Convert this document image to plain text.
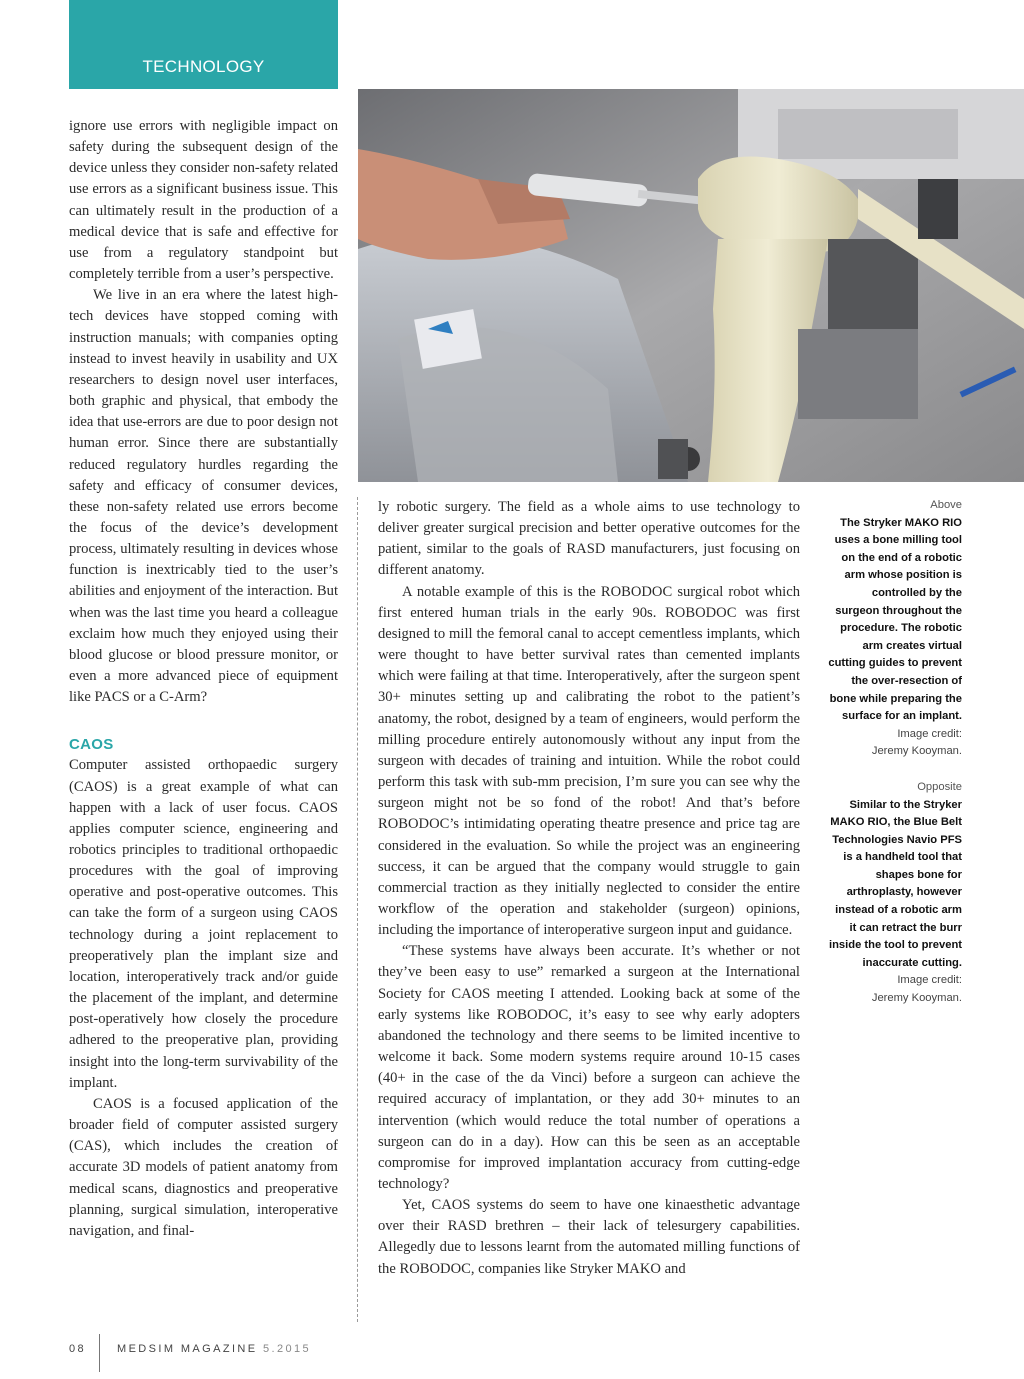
TECHNOLOGY

ignore use errors with negligible impact on safety during the subsequent design of the device unless they consider non-safety related use errors as a significant business issue. This can ultimately result in the production of a medical device that is safe and effective for use from a regulatory standpoint but completely terrible from a user’s perspective.

We live in an era where the latest high-tech devices have stopped coming with instruction manuals; with companies opting instead to invest heavily in usability and UX researchers to design novel user interfaces, both graphic and physical, that embody the idea that use-errors are due to poor design not human error. Since there are substantially reduced regulatory hurdles regarding the safety and efficacy of consumer devices, these non-safety related use errors become the focus of the device’s development process, ultimately resulting in devices whose function is inextricably tied to the user’s abilities and enjoyment of the interaction. But when was the last time you heard a colleague exclaim how much they enjoyed using their blood glucose or blood pressure monitor, or even a more advanced piece of equipment like PACS or a C-Arm?

CAOS

Computer assisted orthopaedic surgery (CAOS) is a great example of what can happen with a lack of user focus. CAOS applies computer science, engineering and robotics principles to traditional orthopaedic procedures with the goal of improving operative and post-operative outcomes. This can take the form of a surgeon using CAOS technology during a joint replacement to preoperatively plan the implant size and location, interoperatively track and/or guide the placement of the implant, and determine post-operatively how closely the procedure adhered to the preoperative plan, providing insight into the long-term survivability of the implant.

CAOS is a focused application of the broader field of computer assisted surgery (CAS), which includes the creation of accurate 3D models of patient anatomy from medical scans, diagnostics and preoperative planning, surgical simulation, interoperative navigation, and final-

ly robotic surgery. The field as a whole aims to use technology to deliver greater surgical precision and better operative outcomes for the patient, similar to the goals of RASD manufacturers, just focusing on different anatomy.

A notable example of this is the ROBODOC surgical robot which first entered human trials in the early 90s. ROBODOC was first designed to mill the femoral canal to accept cementless implants, which were thought to have better survival rates than cemented implants which were failing at that time. Interoperatively, after the surgeon spent 30+ minutes setting up and calibrating the robot to the patient’s anatomy, the robot, designed by a team of engineers, would perform the milling procedure entirely autonomously without any input from the surgeon with decades of training and intuition. While the robot could perform this task with sub-mm precision, I’m sure you can see why the surgeon might not be so fond of the robot! And that’s before ROBODOC’s intimidating operating theatre presence and price tag are considered in the evaluation. So while the project was an engineering success, it can be argued that the company would struggle to gain commercial traction as they initially neglected to consider the entire workflow of the operation and stakeholder (surgeon) opinions, including the importance of interoperative surgeon input and guidance.

“These systems have always been accurate. It’s whether or not they’ve been easy to use” remarked a surgeon at the International Society for CAOS meeting I attended. Looking back at some of the early systems like ROBODOC, it’s easy to see why early adopters abandoned the technology and there seems to be limited incentive to welcome it back. Some modern systems require around 10-15 cases (40+ in the case of the da Vinci) before a surgeon can achieve the required accuracy of implantation, or they add 30+ minutes to an intervention (which would reduce the total number of operations a surgeon can do in a day). How can this be seen as an acceptable compromise for improved implantation accuracy from cutting-edge technology?

Yet, CAOS systems do seem to have one kinaesthetic advantage over their RASD brethren – their lack of telesurgery capabilities. Allegedly due to lessons learnt from the automated milling functions of the ROBODOC, companies like Stryker MAKO and

Above
The Stryker MAKO RIO uses a bone milling tool on the end of a robotic arm whose position is controlled by the surgeon throughout the procedure. The robotic arm creates virtual cutting guides to prevent the over-resection of bone while preparing the surface for an implant.
Image credit:
Jeremy Kooyman.
Opposite
Similar to the Stryker MAKO RIO, the Blue Belt Technologies Navio PFS is a handheld tool that shapes bone for arthroplasty, however instead of a robotic arm it can retract the burr inside the tool to prevent inaccurate cutting.
Image credit:
Jeremy Kooyman.
08	MEDSIM MAGAZINE 5.2015
